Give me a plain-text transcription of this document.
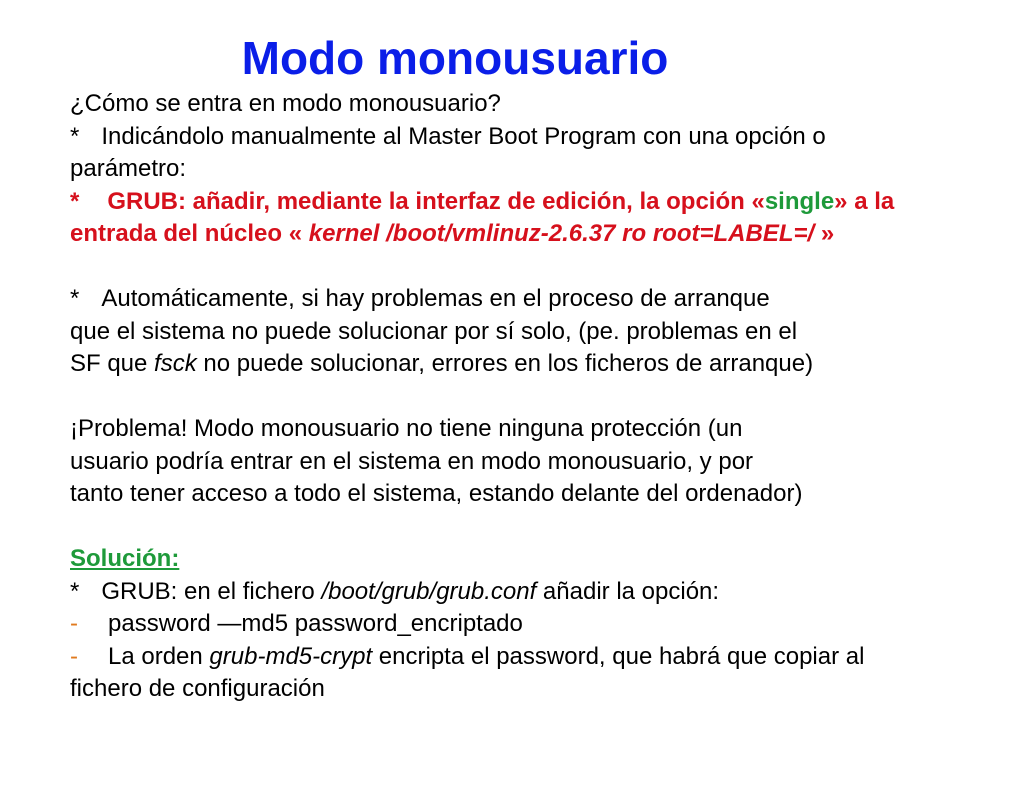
Modo monousuario
¿Cómo se entra en modo monousuario?
* Indicándolo manualmente al Master Boot Program con una opción o
parámetro:
* GRUB: añadir, mediante la interfaz de edición, la opción «single» a la
entrada del núcleo « kernel /boot/vmlinuz-2.6.37 ro root=LABEL=/ »
* Automáticamente, si hay problemas en el proceso de arranque
que el sistema no puede solucionar por sí solo, (pe. problemas en el
SF que fsck no puede solucionar, errores en los ficheros de arranque)
¡Problema! Modo monousuario no tiene ninguna protección (un
usuario podría entrar en el sistema en modo monousuario, y por
tanto tener acceso a todo el sistema, estando delante del ordenador)
Solución:
* GRUB: en el fichero /boot/grub/grub.conf añadir la opción:
- password —md5 password_encriptado
- La orden grub-md5-crypt encripta el password, que habrá que copiar al
fichero de configuración
